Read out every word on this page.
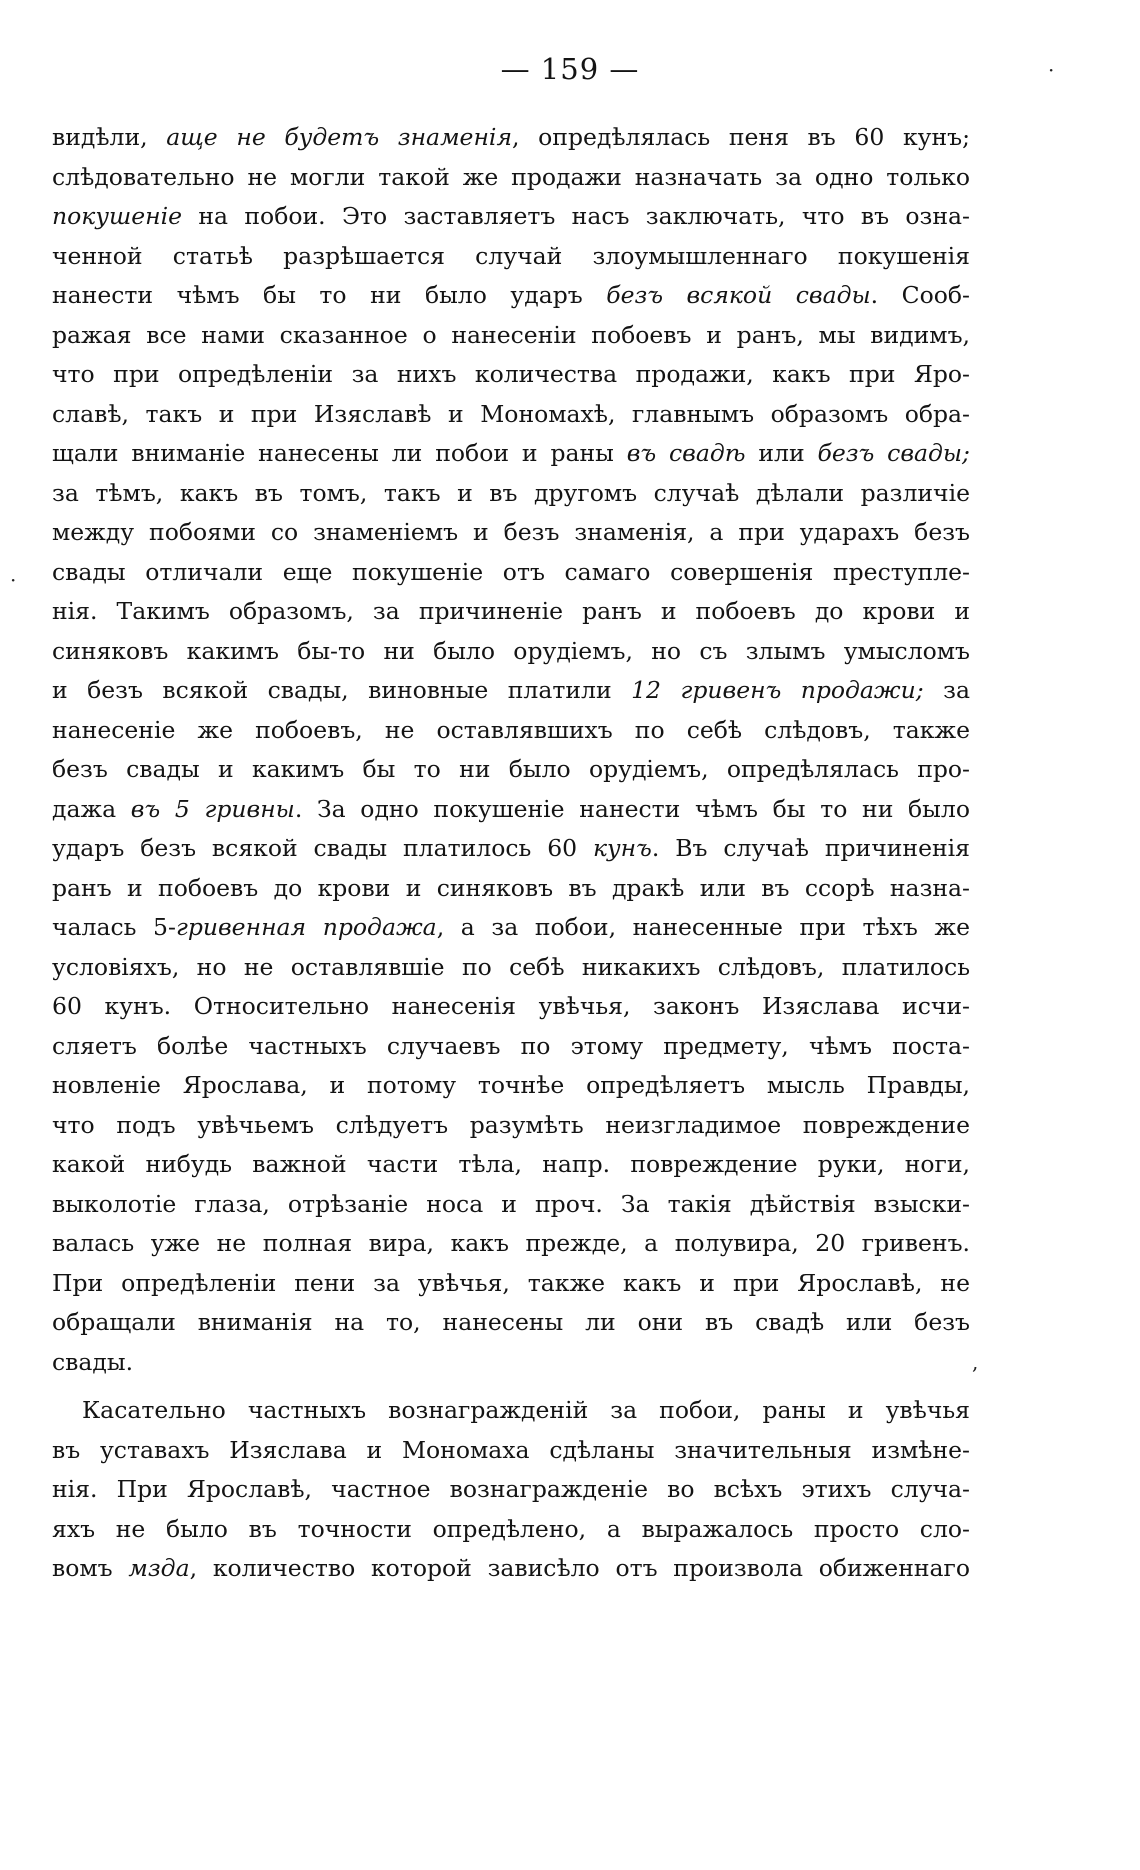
— 159 —
видѣли, аще не будетъ знаменія, опредѣлялась пеня въ 60 кунъ;
слѣдовательно не могли такой же продажи назначать за одно только
покушеніе на побои. Это заставляетъ насъ заключать, что въ озна-
ченной статьѣ разрѣшается случай злоумышленнаго покушенія
нанести чѣмъ бы то ни было ударъ безъ всякой свады. Сооб-
ражая все нами сказанное о нанесеніи побоевъ и ранъ, мы видимъ,
что при опредѣленіи за нихъ количества продажи, какъ при Яро-
славѣ, такъ и при Изяславѣ и Мономахѣ, главнымъ образомъ обра-
щали вниманіе нанесены ли побои и раны въ свадѣ или безъ свады;
за тѣмъ, какъ въ томъ, такъ и въ другомъ случаѣ дѣлали различіе
между побоями со знаменіемъ и безъ знаменія, а при ударахъ безъ
свады отличали еще покушеніе отъ самаго совершенія преступле-
нія. Такимъ образомъ, за причиненіе ранъ и побоевъ до крови и
синяковъ какимъ бы-то ни было орудіемъ, но съ злымъ умысломъ
и безъ всякой свады, виновные платили 12 гривенъ продажи; за
нанесеніе же побоевъ, не оставлявшихъ по себѣ слѣдовъ, также
безъ свады и какимъ бы то ни было орудіемъ, опредѣлялась про-
дажа въ 5 гривны. За одно покушеніе нанести чѣмъ бы то ни было
ударъ безъ всякой свады платилось 60 кунъ. Въ случаѣ причиненія
ранъ и побоевъ до крови и синяковъ въ дракѣ или въ ссорѣ назна-
чалась 5-гривенная продажа, а за побои, нанесенные при тѣхъ же
условіяхъ, но не оставлявшіе по себѣ никакихъ слѣдовъ, платилось
60 кунъ. Относительно нанесенія увѣчья, законъ Изяслава исчи-
сляетъ болѣе частныхъ случаевъ по этому предмету, чѣмъ поста-
новленіе Ярослава, и потому точнѣе опредѣляетъ мысль Правды,
что подъ увѣчьемъ слѣдуетъ разумѣть неизгладимое повреждение
какой нибудь важной части тѣла, напр. повреждение руки, ноги,
выколотіе глаза, отрѣзаніе носа и проч. За такія дѣйствія взыски-
валась уже не полная вира, какъ прежде, а полувира, 20 гривенъ.
При опредѣленіи пени за увѣчья, также какъ и при Ярославѣ, не
обращали вниманія на то, нанесены ли они въ свадѣ или безъ
свады.
Касательно частныхъ вознагражденій за побои, раны и увѣчья
въ уставахъ Изяслава и Мономаха сдѣланы значительныя измѣне-
нія. При Ярославѣ, частное вознагражденіе во всѣхъ этихъ случа-
яхъ не было въ точности опредѣлено, а выражалось просто сло-
вомъ мзда, количество которой зависѣло отъ произвола обиженнаго
·
·
,
